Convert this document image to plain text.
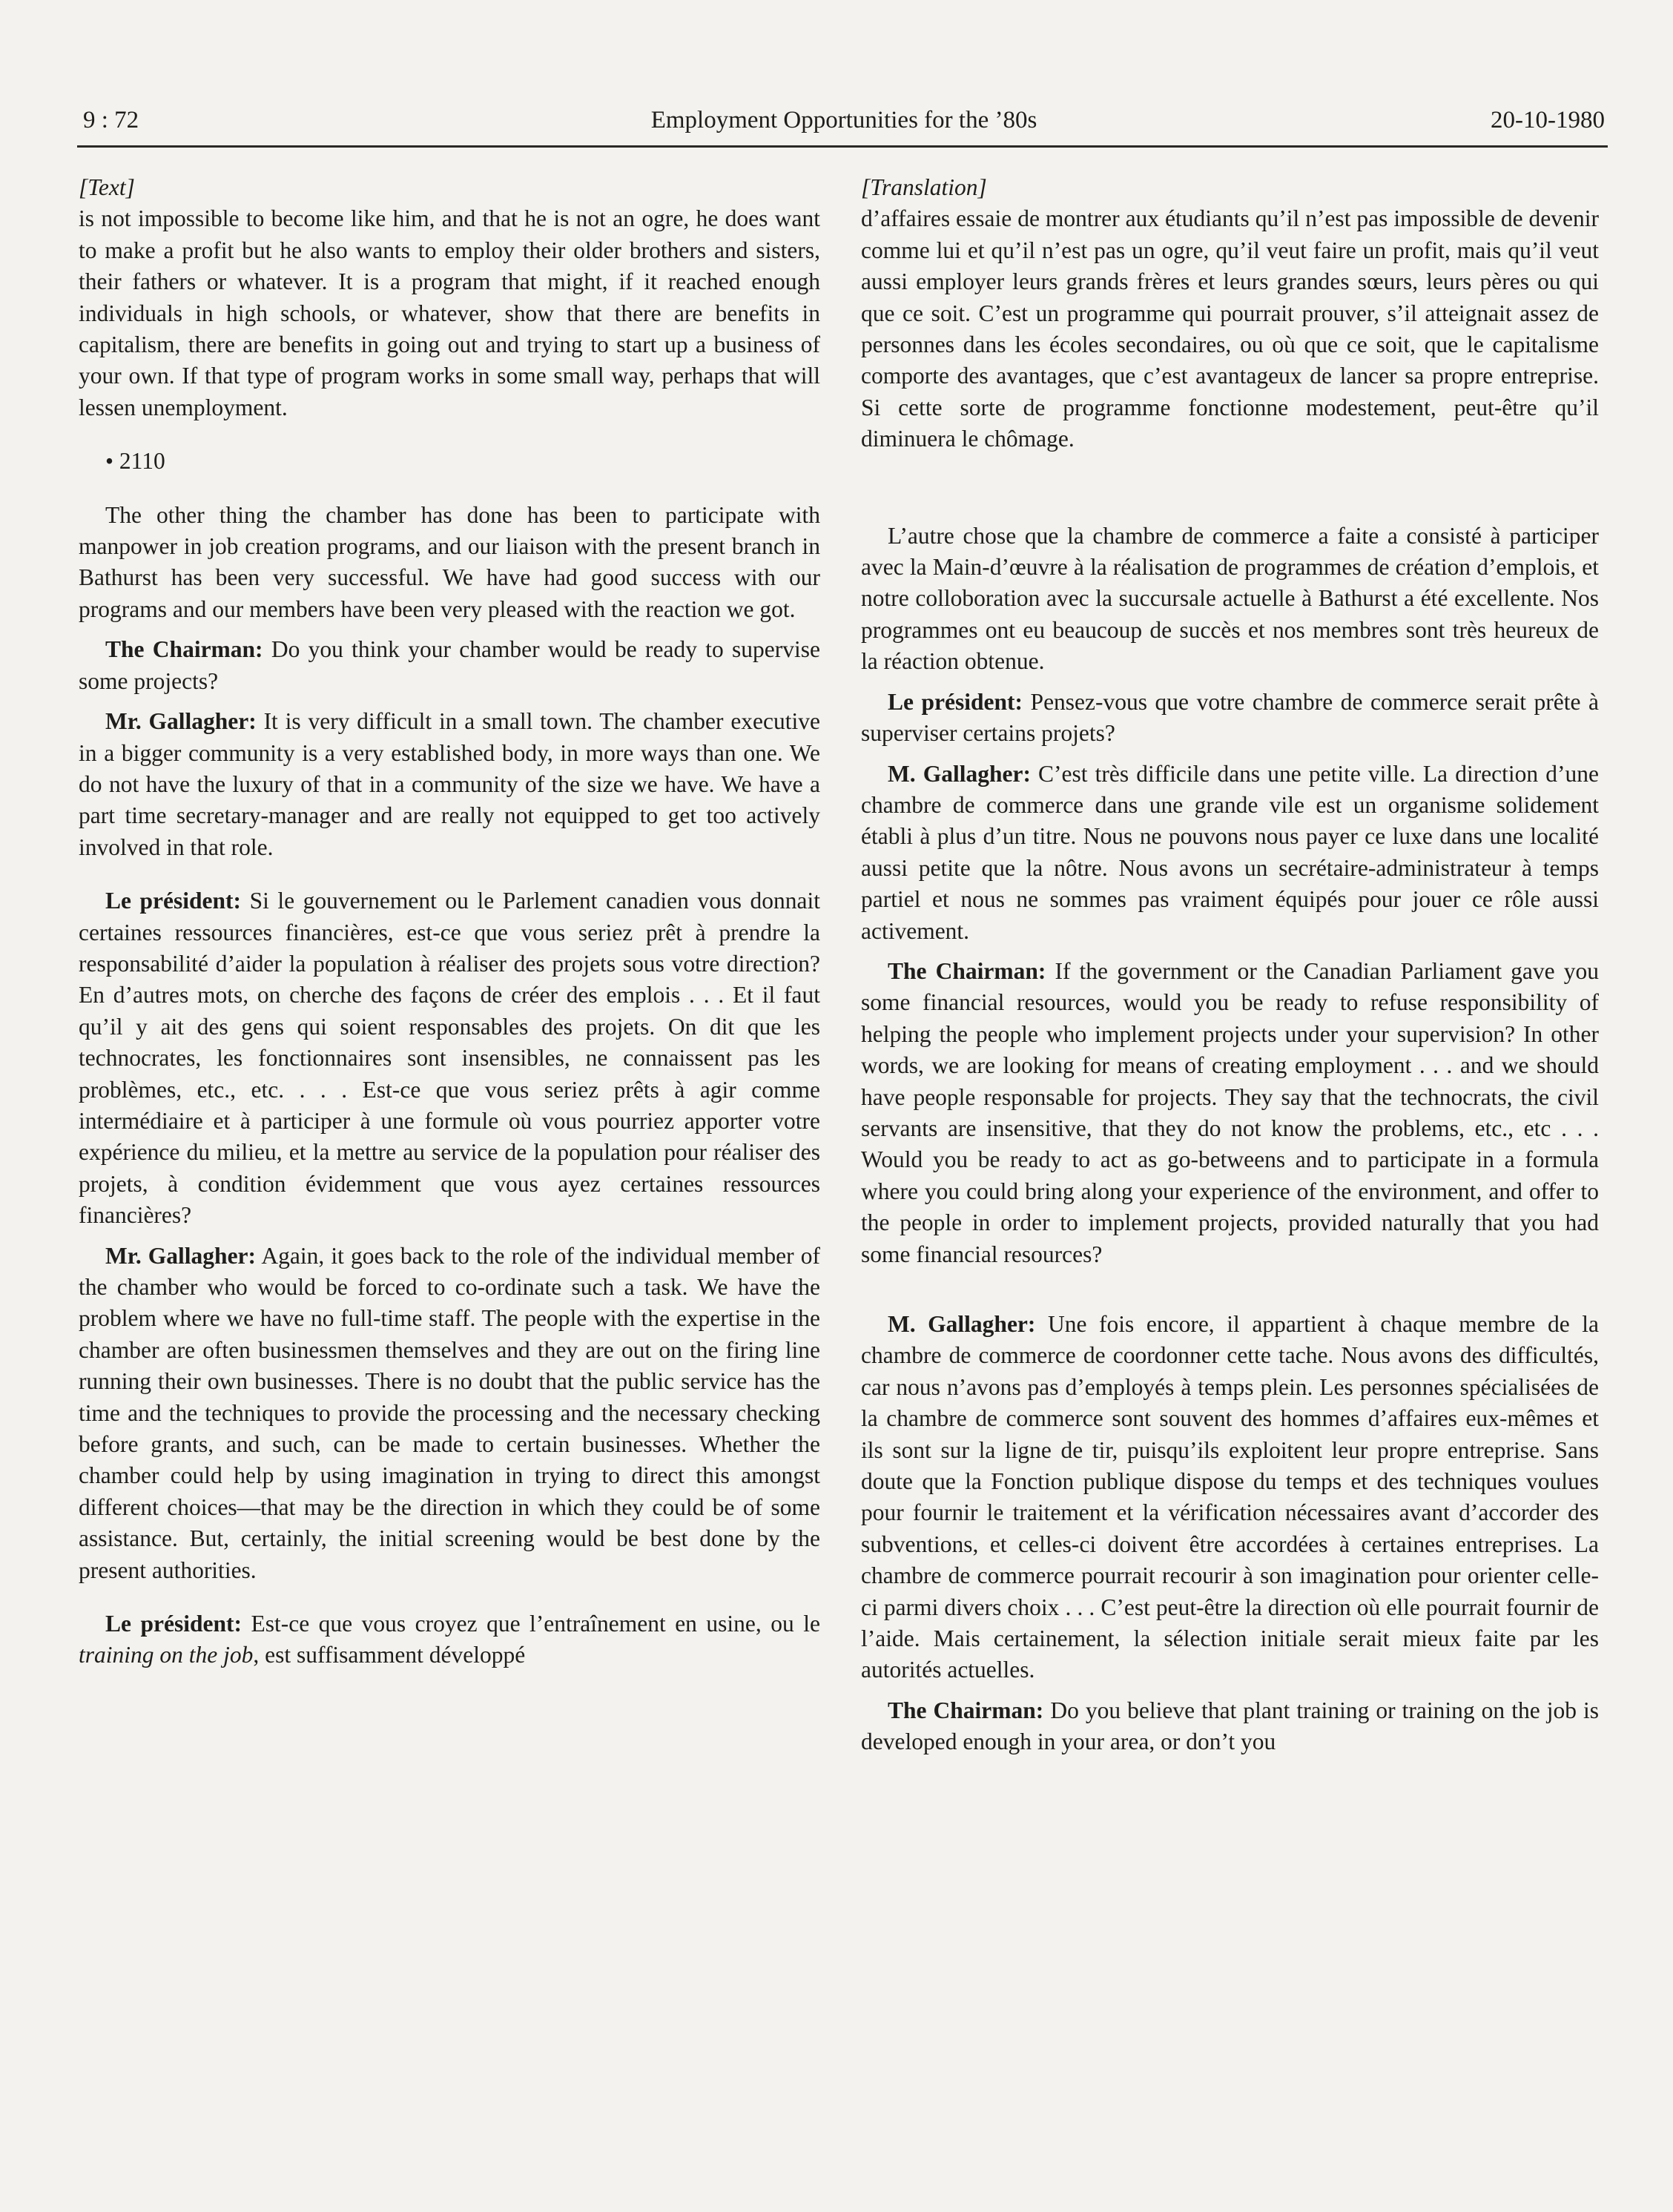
9 : 72	Employment Opportunities for the ’80s	20-10-1980

[Text]

is not impossible to become like him, and that he is not an ogre, he does want to make a profit but he also wants to employ their older brothers and sisters, their fathers or whatever. It is a program that might, if it reached enough individuals in high schools, or whatever, show that there are benefits in capitalism, there are benefits in going out and trying to start up a business of your own. If that type of program works in some small way, perhaps that will lessen unemployment.

• 2110

The other thing the chamber has done has been to participate with manpower in job creation programs, and our liaison with the present branch in Bathurst has been very successful. We have had good success with our programs and our members have been very pleased with the reaction we got.

The Chairman: Do you think your chamber would be ready to supervise some projects?

Mr. Gallagher: It is very difficult in a small town. The chamber executive in a bigger community is a very established body, in more ways than one. We do not have the luxury of that in a community of the size we have. We have a part time secretary-manager and are really not equipped to get too actively involved in that role.

Le président: Si le gouvernement ou le Parlement canadien vous donnait certaines ressources financières, est-ce que vous seriez prêt à prendre la responsabilité d’aider la population à réaliser des projets sous votre direction? En d’autres mots, on cherche des façons de créer des emplois . . . Et il faut qu’il y ait des gens qui soient responsables des projets. On dit que les technocrates, les fonctionnaires sont insensibles, ne connaissent pas les problèmes, etc., etc. . . . Est-ce que vous seriez prêts à agir comme intermédiaire et à participer à une formule où vous pourriez apporter votre expérience du milieu, et la mettre au service de la population pour réaliser des projets, à condition évidemment que vous ayez certaines ressources financières?

Mr. Gallagher: Again, it goes back to the role of the individual member of the chamber who would be forced to co-ordinate such a task. We have the problem where we have no full-time staff. The people with the expertise in the chamber are often businessmen themselves and they are out on the firing line running their own businesses. There is no doubt that the public service has the time and the techniques to provide the processing and the necessary checking before grants, and such, can be made to certain businesses. Whether the chamber could help by using imagination in trying to direct this amongst different choices—that may be the direction in which they could be of some assistance. But, certainly, the initial screening would be best done by the present authorities.

Le président: Est-ce que vous croyez que l’entraînement en usine, ou le training on the job, est suffisamment développé

[Translation]

d’affaires essaie de montrer aux étudiants qu’il n’est pas impossible de devenir comme lui et qu’il n’est pas un ogre, qu’il veut faire un profit, mais qu’il veut aussi employer leurs grands frères et leurs grandes sœurs, leurs pères ou qui que ce soit. C’est un programme qui pourrait prouver, s’il atteignait assez de personnes dans les écoles secondaires, ou où que ce soit, que le capitalisme comporte des avantages, que c’est avantageux de lancer sa propre entreprise. Si cette sorte de programme fonctionne modestement, peut-être qu’il diminuera le chômage.

L’autre chose que la chambre de commerce a faite a consisté à participer avec la Main-d’œuvre à la réalisation de programmes de création d’emplois, et notre colloboration avec la succursale actuelle à Bathurst a été excellente. Nos programmes ont eu beaucoup de succès et nos membres sont très heureux de la réaction obtenue.

Le président: Pensez-vous que votre chambre de commerce serait prête à superviser certains projets?

M. Gallagher: C’est très difficile dans une petite ville. La direction d’une chambre de commerce dans une grande vile est un organisme solidement établi à plus d’un titre. Nous ne pouvons nous payer ce luxe dans une localité aussi petite que la nôtre. Nous avons un secrétaire-administrateur à temps partiel et nous ne sommes pas vraiment équipés pour jouer ce rôle aussi activement.

The Chairman: If the government or the Canadian Parliament gave you some financial resources, would you be ready to refuse responsibility of helping the people who implement projects under your supervision? In other words, we are looking for means of creating employment . . . and we should have people responsable for projects. They say that the technocrats, the civil servants are insensitive, that they do not know the problems, etc., etc . . . Would you be ready to act as go-betweens and to participate in a formula where you could bring along your experience of the environment, and offer to the people in order to implement projects, provided naturally that you had some financial resources?

M. Gallagher: Une fois encore, il appartient à chaque membre de la chambre de commerce de coordonner cette tache. Nous avons des difficultés, car nous n’avons pas d’employés à temps plein. Les personnes spécialisées de la chambre de commerce sont souvent des hommes d’affaires eux-mêmes et ils sont sur la ligne de tir, puisqu’ils exploitent leur propre entreprise. Sans doute que la Fonction publique dispose du temps et des techniques voulues pour fournir le traitement et la vérification nécessaires avant d’accorder des subventions, et celles-ci doivent être accordées à certaines entreprises. La chambre de commerce pourrait recourir à son imagination pour orienter celle-ci parmi divers choix . . . C’est peut-être la direction où elle pourrait fournir de l’aide. Mais certainement, la sélection initiale serait mieux faite par les autorités actuelles.

The Chairman: Do you believe that plant training or training on the job is developed enough in your area, or don’t you
